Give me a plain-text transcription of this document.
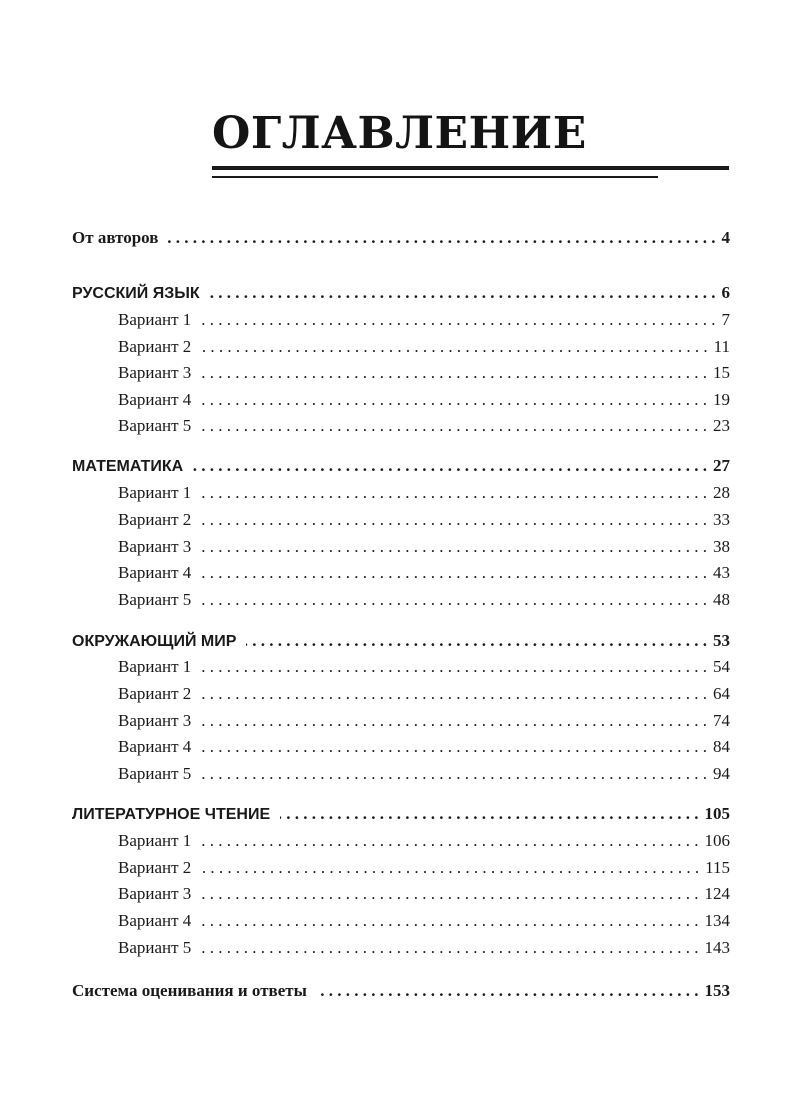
ОГЛАВЛЕНИЕ
От авторов . . .	4
РУССКИЙ ЯЗЫК . . .	6
Вариант 1 . . .	7
Вариант 2 . . .	11
Вариант 3 . . .	15
Вариант 4 . . .	19
Вариант 5 . . .	23
МАТЕМАТИКА . . .	27
Вариант 1 . . .	28
Вариант 2 . . .	33
Вариант 3 . . .	38
Вариант 4 . . .	43
Вариант 5 . . .	48
ОКРУЖАЮЩИЙ МИР . . .	53
Вариант 1 . . .	54
Вариант 2 . . .	64
Вариант 3 . . .	74
Вариант 4 . . .	84
Вариант 5 . . .	94
ЛИТЕРАТУРНОЕ ЧТЕНИЕ . . .	105
Вариант 1 . . .	106
Вариант 2 . . .	115
Вариант 3 . . .	124
Вариант 4 . . .	134
Вариант 5 . . .	143
Система оценивания и ответы . . .	153
